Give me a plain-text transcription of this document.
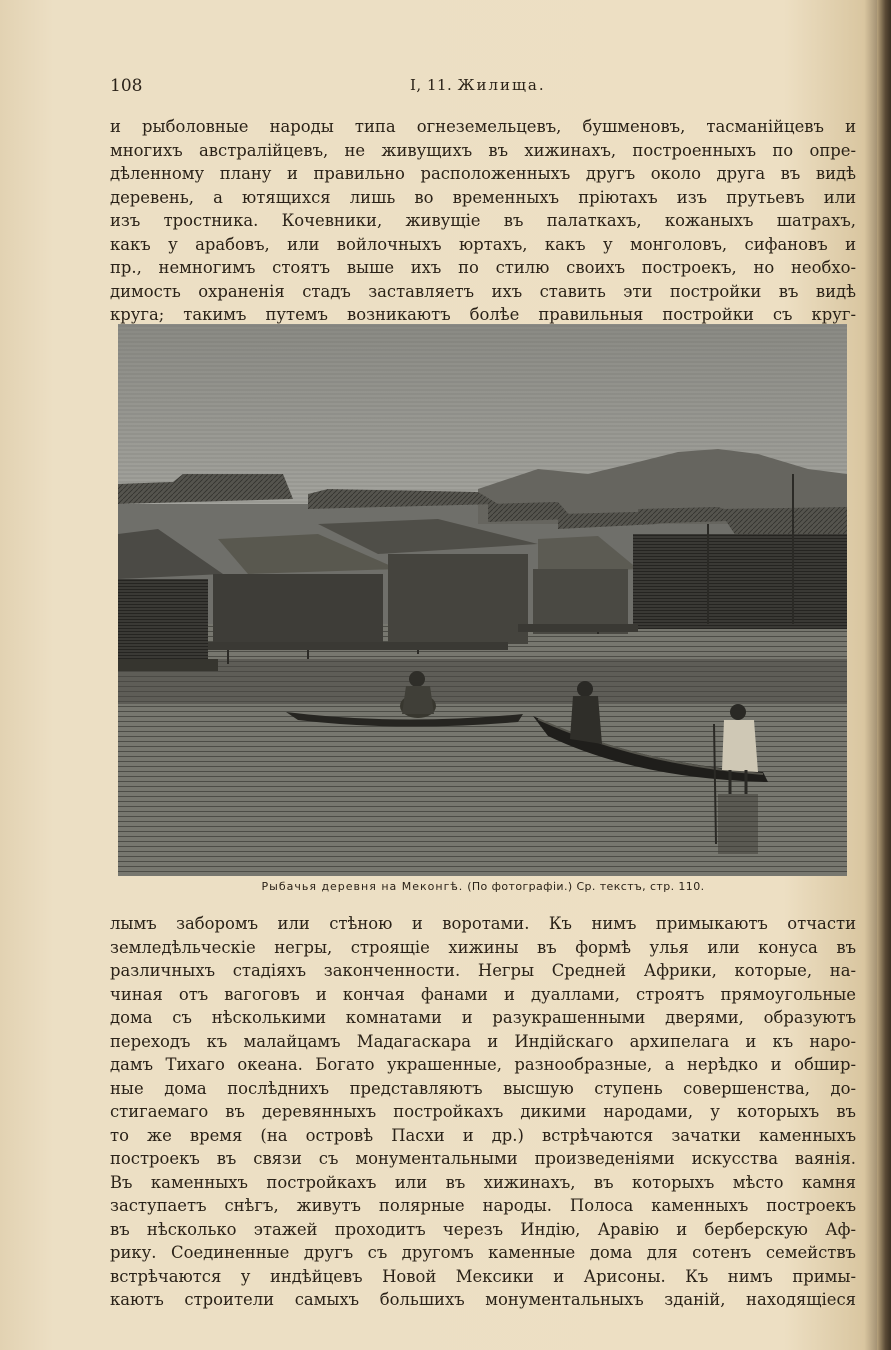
108	I, 11. Жилища.
и рыболовные народы типа огнеземельцевъ, бушменовъ, тасманійцевъ и
многихъ австралійцевъ, не живущихъ въ хижинахъ, построенныхъ по опре-
дѣленному плану и правильно расположенныхъ другъ около друга въ видѣ
деревень, а ютящихся лишь во временныхъ пріютахъ изъ прутьевъ или
изъ тростника. Кочевники, живущіе въ палаткахъ, кожаныхъ шатрахъ,
какъ у арабовъ, или войлочныхъ юртахъ, какъ у монголовъ, сифановъ и
пр., немногимъ стоятъ выше ихъ по стилю своихъ построекъ, но необхо-
димость охраненія стадъ заставляетъ ихъ ставить эти постройки въ видѣ
круга; такимъ путемъ возникаютъ болѣе правильныя постройки съ круг-
Рыбачья деревня на Меконгѣ. (По фотографіи.) Ср. текстъ, стр. 110.
лымъ заборомъ или стѣною и воротами. Къ нимъ примыкаютъ отчасти
земледѣльческіе негры, строящіе хижины въ формѣ улья или конуса въ
различныхъ стадіяхъ законченности. Негры Средней Африки, которые, на-
чиная отъ вагоговъ и кончая фанами и дуаллами, строятъ прямоугольные
дома съ нѣсколькими комнатами и разукрашенными дверями, образуютъ
переходъ къ малайцамъ Мадагаскара и Индійскаго архипелага и къ наро-
дамъ Тихаго океана. Богато украшенные, разнообразные, а нерѣдко и обшир-
ные дома послѣднихъ представляютъ высшую ступень совершенства, до-
стигаемаго въ деревянныхъ постройкахъ дикими народами, у которыхъ въ
то же время (на островѣ Пасхи и др.) встрѣчаются зачатки каменныхъ
построекъ въ связи съ монументальными произведеніями искусства ваянія.
Въ каменныхъ постройкахъ или въ хижинахъ, въ которыхъ мѣсто камня
заступаетъ снѣгъ, живутъ полярные народы. Полоса каменныхъ построекъ
въ нѣсколько этажей проходитъ черезъ Индію, Аравію и берберскую Аф-
рику. Соединенные другъ съ другомъ каменные дома для сотенъ семействъ
встрѣчаются у индѣйцевъ Новой Мексики и Арисоны. Къ нимъ примы-
каютъ строители самыхъ большихъ монументальныхъ зданій, находящіеся
